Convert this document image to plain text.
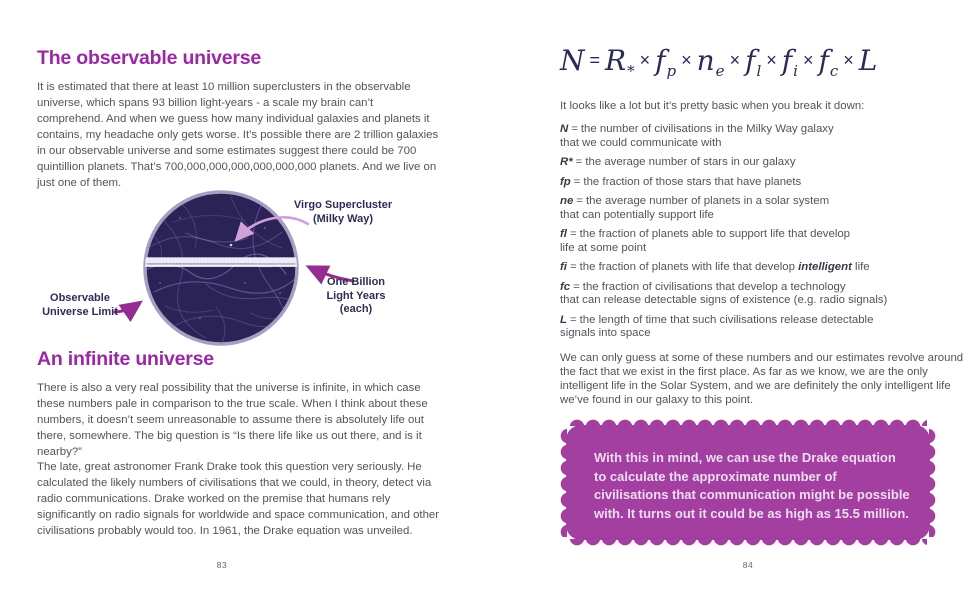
The observable universe

It is estimated that there at least 10 million superclusters in the observable universe, which spans 93 billion light-years - a scale my brain can’t comprehend. And when we guess how many individual galaxies and planets it contains, my headache only gets worse. It’s possible there are 2 trillion galaxies in our observable universe and some estimates suggest there could be 700 quintillion planets. That’s 700,000,000,000,000,000,000 planets. And we live on just one of them.

Virgo Supercluster
(Milky Way)
One Billion
Light Years
(each)
Observable
Universe Limit
An infinite universe

There is also a very real possibility that the universe is infinite, in which case these numbers pale in comparison to the true scale. When I think about these numbers, it doesn’t seem unreasonable to assume there is absolutely life out there, somewhere. The big question is “Is there life like us out there, and is it nearby?”

The late, great astronomer Frank Drake took this question very seriously. He calculated the likely numbers of civilisations that we could, in theory, detect via radio communications. Drake worked on the premise that humans rely significantly on radio signals for worldwide and space communication, and other civilisations probably would too. In 1961, the Drake equation was unveiled.

83
$N = R_*\times f_p\times n_e\times f_l\times f_i\times f_c\times L$

It looks like a lot but it’s pretty basic when you break it down:

N = the number of civilisations in the Milky Way galaxy
that we could communicate with

R* = the average number of stars in our galaxy

fp = the fraction of those stars that have planets

ne = the average number of planets in a solar system
that can potentially support life

fl = the fraction of planets able to support life that develop
life at some point

fi = the fraction of planets with life that develop intelligent life

fc = the fraction of civilisations that develop a technology
that can release detectable signs of existence (e.g. radio signals)

L = the length of time that such civilisations release detectable
signals into space

We can only guess at some of these numbers and our estimates revolve around the fact that we exist in the first place. As far as we know, we are the only intelligent life in the Solar System, and we are definitely the only intelligent life we’ve found in our galaxy to this point.

With this in mind, we can use the Drake equation to calculate the approximate number of civilisations that communication might be possible with. It turns out it could be as high as 15.5 million.
84
